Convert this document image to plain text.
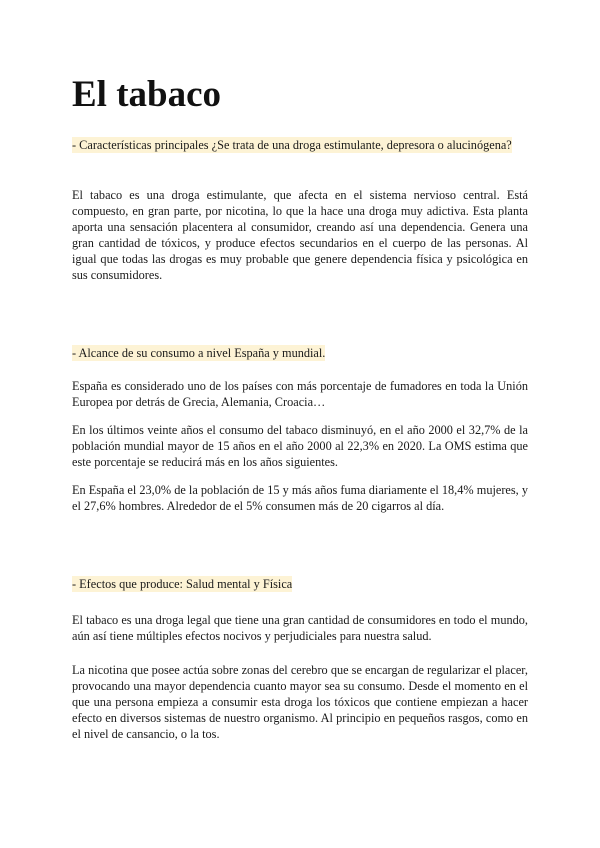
El tabaco

- Características principales ¿Se trata de una droga estimulante, depresora o alucinógena?

El tabaco es una droga estimulante, que afecta en el sistema nervioso central. Está compuesto, en gran parte, por nicotina, lo que la hace una droga muy adictiva. Esta planta aporta una sensación placentera al consumidor, creando así una dependencia. Genera una gran cantidad de tóxicos, y produce efectos secundarios en el cuerpo de las personas. Al igual que todas las drogas es muy probable que genere dependencia física y psicológica en sus consumidores.

- Alcance de su consumo a nivel España y mundial.

España es considerado uno de los países con más porcentaje de fumadores en toda la Unión Europea por detrás de Grecia, Alemania, Croacia…

En los últimos veinte años el consumo del tabaco disminuyó, en el año 2000 el 32,7% de la población mundial mayor de 15 años en el año 2000 al 22,3% en 2020. La OMS estima que este porcentaje se reducirá más en los años siguientes.

En España el 23,0% de la población de 15 y más años fuma diariamente el 18,4% mujeres, y el 27,6% hombres. Alrededor de el 5% consumen más de 20 cigarros al día.

- Efectos que produce: Salud mental y Física

El tabaco es una droga legal que tiene una gran cantidad de consumidores en todo el mundo, aún así tiene múltiples efectos nocivos y perjudiciales para nuestra salud.

La nicotina que posee actúa sobre zonas del cerebro que se encargan de regularizar el placer, provocando una mayor dependencia cuanto mayor sea su consumo. Desde el momento en el que una persona empieza a consumir esta droga los tóxicos que contiene empiezan a hacer efecto en diversos sistemas de nuestro organismo. Al principio en pequeños rasgos, como en el nivel de cansancio, o la tos.
